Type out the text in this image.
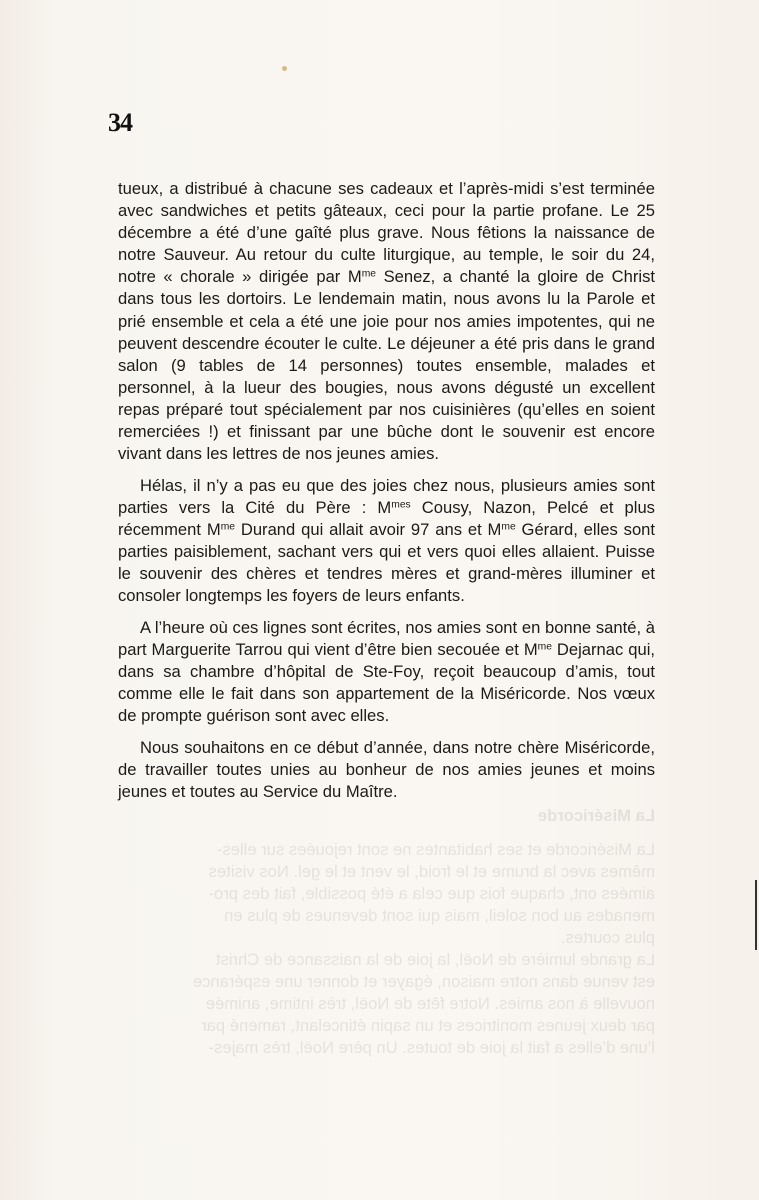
34

tueux, a distribué à chacune ses cadeaux et l’après-midi s’est terminée avec sandwiches et petits gâteaux, ceci pour la partie profane. Le 25 décembre a été d’une gaîté plus grave. Nous fêtions la naissance de notre Sauveur. Au retour du culte liturgique, au temple, le soir du 24, notre « chorale » dirigée par $M^{me}$ Senez, a chanté la gloire de Christ dans tous les dortoirs. Le lendemain matin, nous avons lu la Parole et prié ensemble et cela a été une joie pour nos amies impotentes, qui ne peuvent descendre écouter le culte. Le déjeuner a été pris dans le grand salon (9 tables de 14 personnes) toutes ensemble, malades et personnel, à la lueur des bougies, nous avons dégusté un excellent repas préparé tout spécialement par nos cuisinières (qu’elles en soient remerciées !) et finissant par une bûche dont le souvenir est encore vivant dans les lettres de nos jeunes amies.

Hélas, il n’y a pas eu que des joies chez nous, plusieurs amies sont parties vers la Cité du Père : $M^{mes}$ Cousy, Nazon, Pelcé et plus récemment $M^{me}$ Durand qui allait avoir 97 ans et $M^{me}$ Gérard, elles sont parties paisiblement, sachant vers qui et vers quoi elles allaient. Puisse le souvenir des chères et tendres mères et grand-mères illuminer et consoler longtemps les foyers de leurs enfants.

A l’heure où ces lignes sont écrites, nos amies sont en bonne santé, à part Marguerite Tarrou qui vient d’être bien secouée et $M^{me}$ Dejarnac qui, dans sa chambre d’hôpital de Ste-Foy, reçoit beaucoup d’amis, tout comme elle le fait dans son appartement de la Miséricorde. Nos vœux de prompte guérison sont avec elles.

Nous souhaitons en ce début d’année, dans notre chère Miséricorde, de travailler toutes unies au bonheur de nos amies jeunes et moins jeunes et toutes au Service du Maître.

La Miséricorde
La Miséricorde et ses habitantes ne sont rejouées sur elles-
mêmes avec la brume et le froid, le vent et le gel. Nos visites
aimées ont, chaque fois que cela a été possible, fait des pro-
menades au bon soleil, mais qui sont devenues de plus en
plus courtes.
La grande lumière de Noël, la joie de la naissance de Christ
est venue dans notre maison, égayer et donner une espérance
nouvelle à nos amies. Notre fête de Noël, très intime, animée
par deux jeunes monitrices et un sapin étincelant, ramené par
l’une d’elles a fait la joie de toutes. Un père Noël, très majes-
